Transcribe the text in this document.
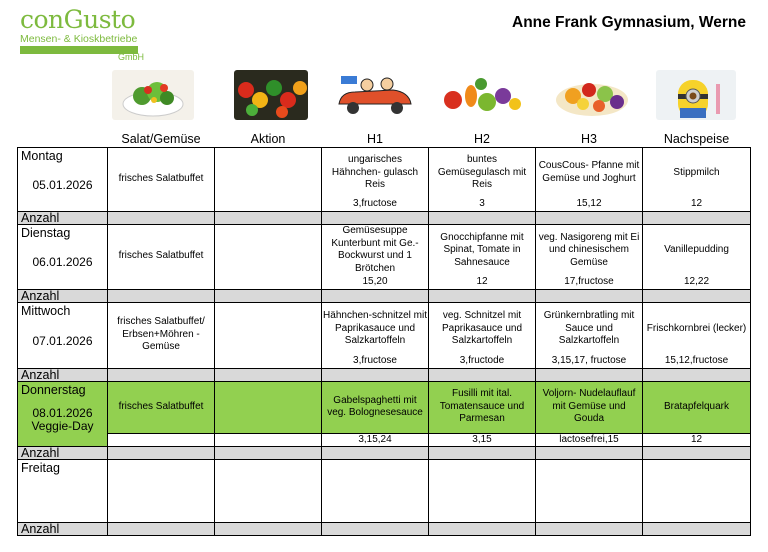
conGusto
Mensen- & Kioskbetriebe
GmbH
Anne Frank Gymnasium, Werne
	Salat/Gemüse	Aktion	H1	H2	H3	Nachspeise

Montag
05.01.2026	frisches Salatbuffet		ungarisches Hähnchen- gulasch Reis	buntes Gemüsegulasch mit Reis	CousCous- Pfanne mit Gemüse und Joghurt	Stippmilch
			3,fructose	3	15,12	12
Anzahl						

Dienstag
06.01.2026	frisches Salatbuffet		Gemüsesuppe Kunterbunt mit Ge.- Bockwurst und 1 Brötchen	Gnocchipfanne mit Spinat, Tomate in Sahnesauce	veg. Nasigoreng mit Ei und chinesischem Gemüse	Vanillepudding
			15,20	12	17,fructose	12,22
Anzahl						

Mittwoch
07.01.2026	frisches Salatbuffet/ Erbsen+Möhren - Gemüse		Hähnchen-schnitzel mit Paprikasauce und Salzkartoffeln	veg. Schnitzel mit Paprikasauce und Salzkartoffeln	Grünkernbratling mit Sauce und Salzkartoffeln	Frischkornbrei (lecker)
			3,fructose	3,fructode	3,15,17, fructose	15,12,fructose
Anzahl						

Donnerstag
08.01.2026
Veggie-Day	frisches Salatbuffet		Gabelspaghetti mit veg. Bolognesesauce	Fusilli mit ital. Tomatensauce und Parmesan	Voljorn- Nudelauflauf mit Gemüse und Gouda	Bratapfelquark
			3,15,24	3,15	lactosefrei,15	12
Anzahl						

Freitag						

Anzahl						
